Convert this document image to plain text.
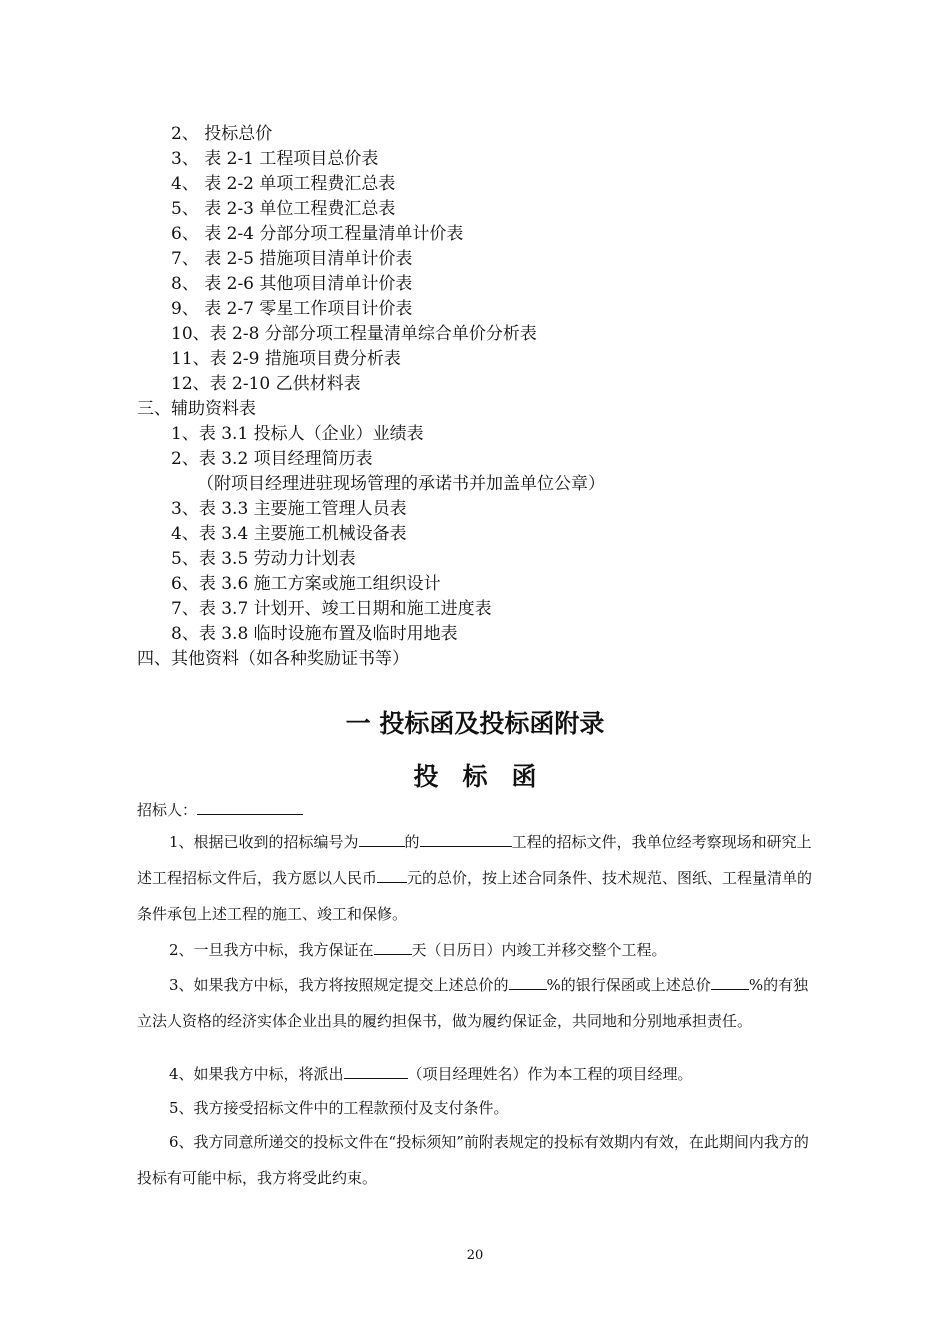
2、 投标总价
3、 表 2-1 工程项目总价表
4、 表 2-2 单项工程费汇总表
5、 表 2-3 单位工程费汇总表
6、 表 2-4 分部分项工程量清单计价表
7、 表 2-5 措施项目清单计价表
8、 表 2-6 其他项目清单计价表
9、 表 2-7 零星工作项目计价表
10、表 2-8 分部分项工程量清单综合单价分析表
11、表 2-9 措施项目费分析表
12、表 2-10 乙供材料表
三、辅助资料表
1、表 3.1 投标人（企业）业绩表
2、表 3.2 项目经理简历表
（附项目经理进驻现场管理的承诺书并加盖单位公章）
3、表 3.3 主要施工管理人员表
4、表 3.4 主要施工机械设备表
5、表 3.5 劳动力计划表
6、表 3.6 施工方案或施工组织设计
7、表 3.7 计划开、竣工日期和施工进度表
8、表 3.8 临时设施布置及临时用地表
四、其他资料（如各种奖励证书等）
一 投标函及投标函附录
投标函
招标人：
1、根据已收到的招标编号为	的	工程的招标文件，我单位经考察现场和研究上述工程招标文件后，我方愿以人民币 元的总价，按上述合同条件、技术规范、图纸、工程量清单的条件承包上述工程的施工、竣工和保修。
2、一旦我方中标，我方保证在	天（日历日）内竣工并移交整个工程。
3、如果我方中标，我方将按照规定提交上述总价的	%的银行保函或上述总价	%的有独立法人资格的经济实体企业出具的履约担保书，做为履约保证金，共同地和分别地承担责任。
4、如果我方中标，将派出	（项目经理姓名）作为本工程的项目经理。
5、我方接受招标文件中的工程款预付及支付条件。
6、我方同意所递交的投标文件在“投标须知”前附表规定的投标有效期内有效，在此期间内我方的投标有可能中标，我方将受此约束。
20
